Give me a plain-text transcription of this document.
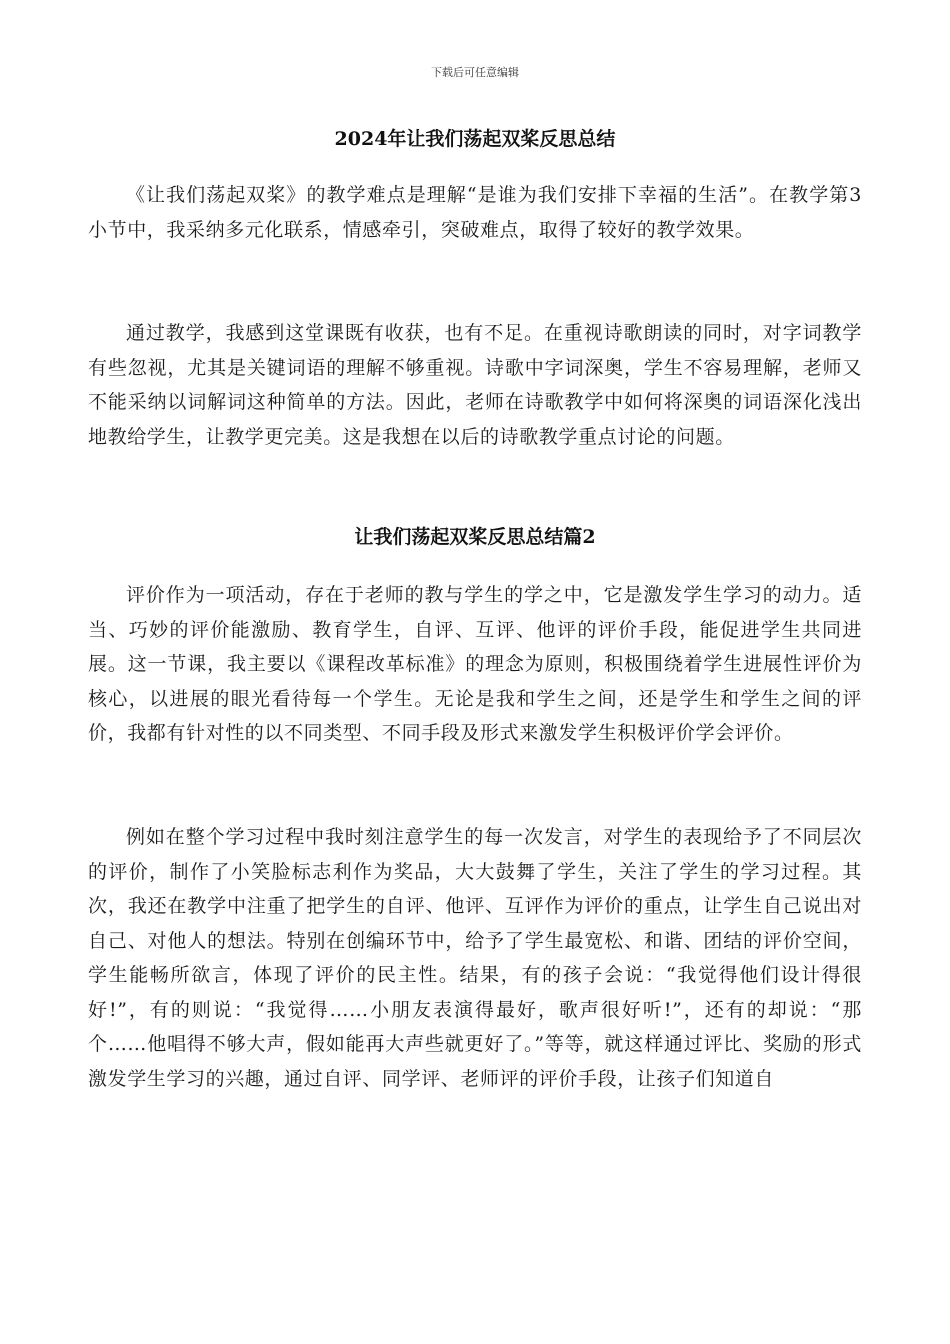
下载后可任意编辑
2024年让我们荡起双桨反思总结

《让我们荡起双桨》的教学难点是理解“是谁为我们安排下幸福的生活”。在教学第3小节中，我采纳多元化联系，情感牵引，突破难点，取得了较好的教学效果。

通过教学，我感到这堂课既有收获，也有不足。在重视诗歌朗读的同时，对字词教学有些忽视，尤其是关键词语的理解不够重视。诗歌中字词深奥，学生不容易理解，老师又不能采纳以词解词这种简单的方法。因此，老师在诗歌教学中如何将深奥的词语深化浅出地教给学生，让教学更完美。这是我想在以后的诗歌教学重点讨论的问题。

让我们荡起双桨反思总结篇2

评价作为一项活动，存在于老师的教与学生的学之中，它是激发学生学习的动力。适当、巧妙的评价能激励、教育学生，自评、互评、他评的评价手段，能促进学生共同进展。这一节课，我主要以《课程改革标准》的理念为原则，积极围绕着学生进展性评价为核心，以进展的眼光看待每一个学生。无论是我和学生之间，还是学生和学生之间的评价，我都有针对性的以不同类型、不同手段及形式来激发学生积极评价学会评价。

例如在整个学习过程中我时刻注意学生的每一次发言，对学生的表现给予了不同层次的评价，制作了小笑脸标志利作为奖品，大大鼓舞了学生，关注了学生的学习过程。其次，我还在教学中注重了把学生的自评、他评、互评作为评价的重点，让学生自己说出对自己、对他人的想法。特别在创编环节中，给予了学生最宽松、和谐、团结的评价空间，学生能畅所欲言，体现了评价的民主性。结果，有的孩子会说：“我觉得他们设计得很好!”，有的则说：“我觉得……小朋友表演得最好，歌声很好听!”，还有的却说：“那个……他唱得不够大声，假如能再大声些就更好了。”等等，就这样通过评比、奖励的形式激发学生学习的兴趣，通过自评、同学评、老师评的评价手段，让孩子们知道自
